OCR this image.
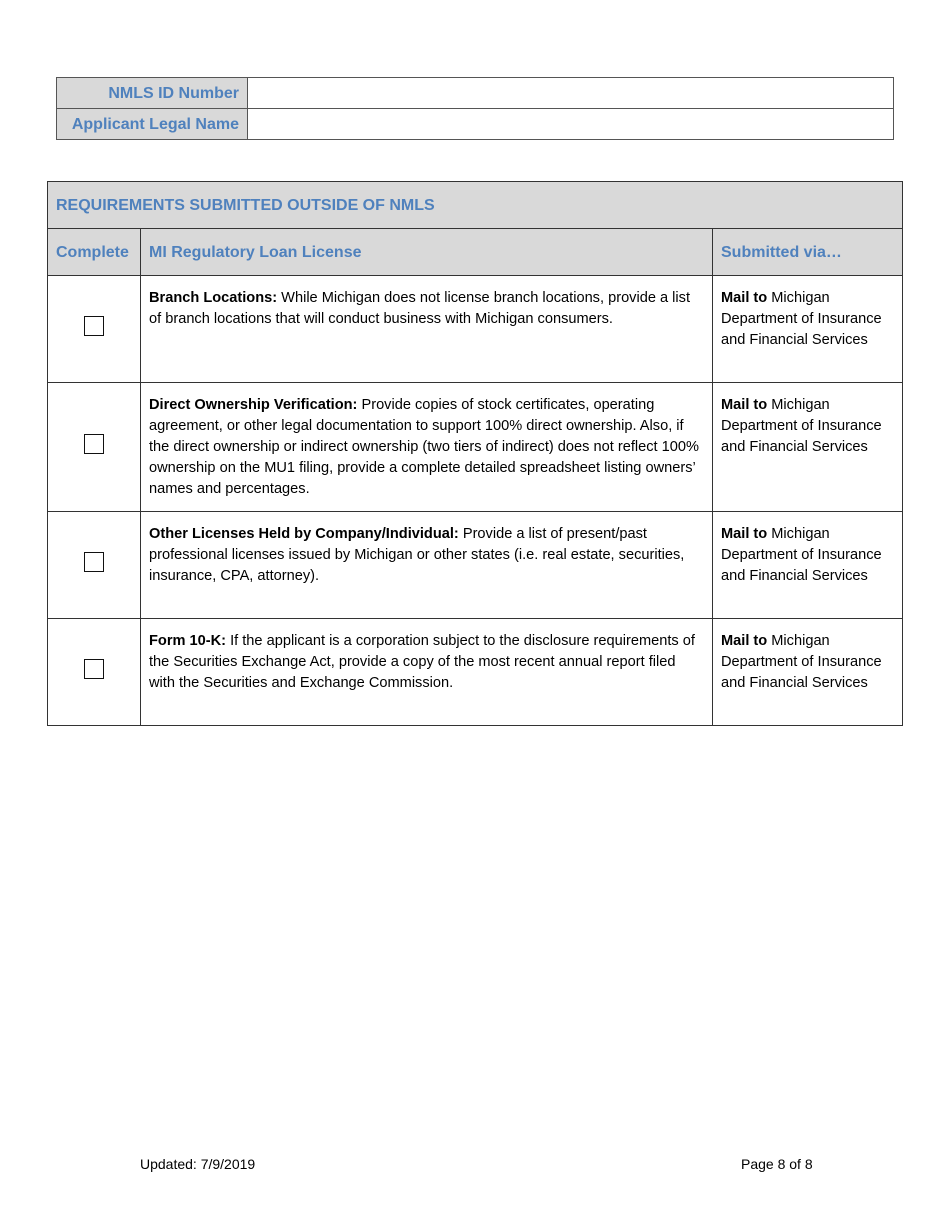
NMLS ID Number	
Applicant Legal Name	
REQUIREMENTS SUBMITTED OUTSIDE OF NMLS		
Complete	MI Regulatory Loan License	Submitted via…
	Branch Locations: While Michigan does not license branch locations, provide a list of branch locations that will conduct business with Michigan consumers.	Mail to Michigan Department of Insurance and Financial Services
	Direct Ownership Verification: Provide copies of stock certificates, operating agreement, or other legal documentation to support 100% direct ownership. Also, if the direct ownership or indirect ownership (two tiers of indirect) does not reflect 100% ownership on the MU1 filing, provide a complete detailed spreadsheet listing owners’ names and percentages.	Mail to Michigan Department of Insurance and Financial Services
	Other Licenses Held by Company/Individual: Provide a list of present/past professional licenses issued by Michigan or other states (i.e. real estate, securities, insurance, CPA, attorney).	Mail to Michigan Department of Insurance and Financial Services
	Form 10-K: If the applicant is a corporation subject to the disclosure requirements of the Securities Exchange Act, provide a copy of the most recent annual report filed with the Securities and Exchange Commission.	Mail to Michigan Department of Insurance and Financial Services
Updated: 7/9/2019	Page 8 of 8
